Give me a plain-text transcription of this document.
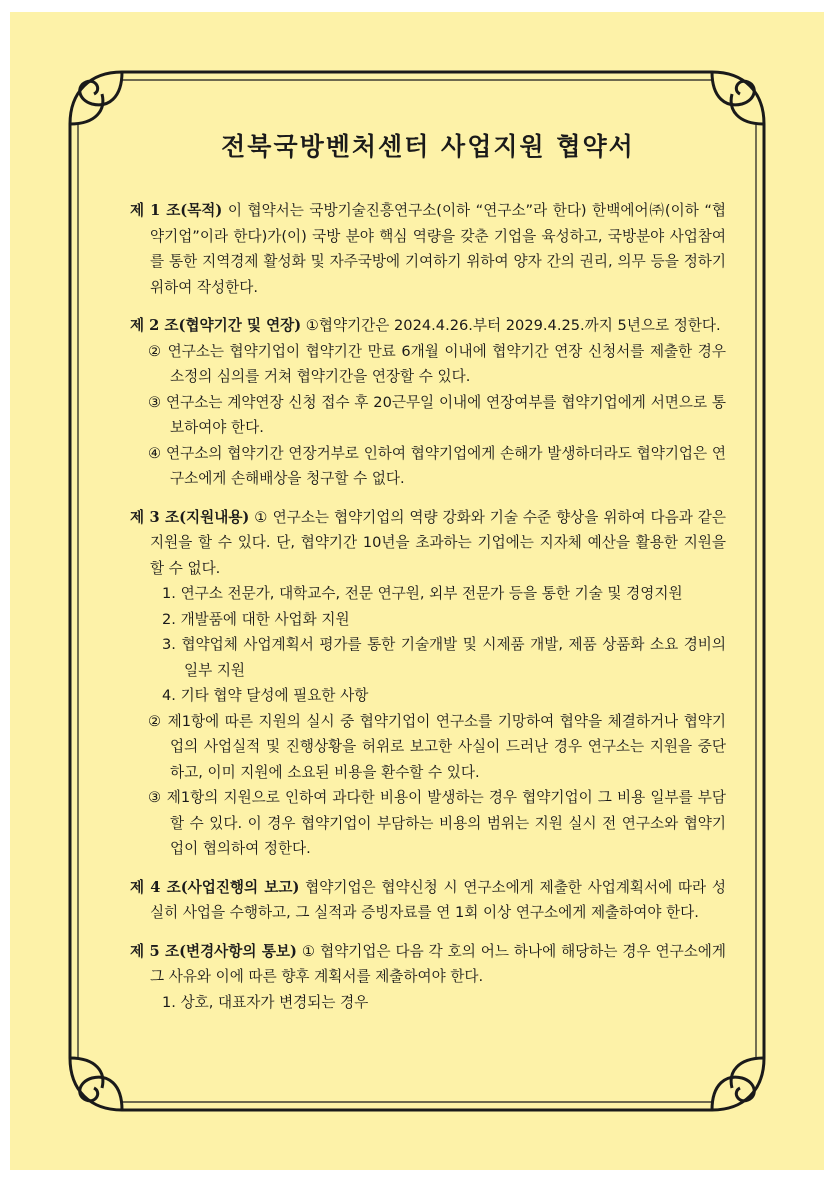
전북국방벤처센터 사업지원 협약서
제 1 조(목적) 이 협약서는 국방기술진흥연구소(이하 “연구소”라 한다) 한백에어㈜(이하 “협약기업”이라 한다)가(이) 국방 분야 핵심 역량을 갖춘 기업을 육성하고, 국방분야 사업참여를 통한 지역경제 활성화 및 자주국방에 기여하기 위하여 양자 간의 권리, 의무 등을 정하기 위하여 작성한다.
제 2 조(협약기간 및 연장) ①협약기간은 2024.4.26.부터 2029.4.25.까지 5년으로 정한다.
② 연구소는 협약기업이 협약기간 만료 6개월 이내에 협약기간 연장 신청서를 제출한 경우 소정의 심의를 거쳐 협약기간을 연장할 수 있다.
③ 연구소는 계약연장 신청 접수 후 20근무일 이내에 연장여부를 협약기업에게 서면으로 통보하여야 한다.
④ 연구소의 협약기간 연장거부로 인하여 협약기업에게 손해가 발생하더라도 협약기업은 연구소에게 손해배상을 청구할 수 없다.
제 3 조(지원내용) ① 연구소는 협약기업의 역량 강화와 기술 수준 향상을 위하여 다음과 같은 지원을 할 수 있다. 단, 협약기간 10년을 초과하는 기업에는 지자체 예산을 활용한 지원을 할 수 없다.
1. 연구소 전문가, 대학교수, 전문 연구원, 외부 전문가 등을 통한 기술 및 경영지원
2. 개발품에 대한 사업화 지원
3. 협약업체 사업계획서 평가를 통한 기술개발 및 시제품 개발, 제품 상품화 소요 경비의 일부 지원
4. 기타 협약 달성에 필요한 사항
② 제1항에 따른 지원의 실시 중 협약기업이 연구소를 기망하여 협약을 체결하거나 협약기업의 사업실적 및 진행상황을 허위로 보고한 사실이 드러난 경우 연구소는 지원을 중단하고, 이미 지원에 소요된 비용을 환수할 수 있다.
③ 제1항의 지원으로 인하여 과다한 비용이 발생하는 경우 협약기업이 그 비용 일부를 부담할 수 있다. 이 경우 협약기업이 부담하는 비용의 범위는 지원 실시 전 연구소와 협약기업이 협의하여 정한다.
제 4 조(사업진행의 보고) 협약기업은 협약신청 시 연구소에게 제출한 사업계획서에 따라 성실히 사업을 수행하고, 그 실적과 증빙자료를 연 1회 이상 연구소에게 제출하여야 한다.
제 5 조(변경사항의 통보) ① 협약기업은 다음 각 호의 어느 하나에 해당하는 경우 연구소에게 그 사유와 이에 따른 향후 계획서를 제출하여야 한다.
1. 상호, 대표자가 변경되는 경우
